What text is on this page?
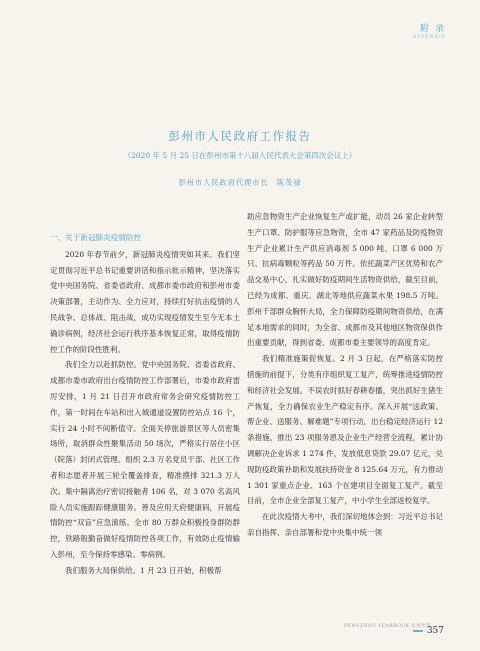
附 录
APPENDIX
彭州市人民政府工作报告
（2020 年 5 月 25 日在彭州市第十八届人民代表大会第四次会议上）
彭州市人民政府代理市长　陈茂禄
一、关于新冠肺炎疫情防控

2020 年春节前夕，新冠肺炎疫情突如其来。我们坚定贯彻习近平总书记重要讲话和指示批示精神，坚决落实党中央国务院、省委省政府、成都市委市政府和彭州市委决策部署，主动作为、全力应对，持续打好抗击疫情的人民战争、总体战、阻击战，成功实现疫情发生至今无本土确诊病例，经济社会运行秩序基本恢复正常，取得疫情防控工作的阶段性胜利。

我们全力以赴抓防控。党中央国务院、省委省政府、成都市委市政府出台疫情防控工作部署后，市委市政府雷厉安排，1 月 21 日召开市政府常务会研究疫情防控工作，第一时间在车站和出入城通道设置防控站点 16 个，实行 24 小时不间断值守。全面关停旅游景区等人员密集场所，取消群众性聚集活动 50 场次，严格实行居住小区（院落）封闭式管理。组织 2.3 万名党员干部、社区工作者和志愿者开展三轮全覆盖排查，精准摸排 321.3 万人次。集中隔离治疗密切接触者 106 名，对 3 070 名高风险人员实施跟踪健康服务。善及应用天府健康码，开展疫情防控“双盲”应急演练。全市 80 万群众积极投身群防群控，铁路般勤奋做好疫情防控各项工作，有效防止疫情输入彭州，至今保持零感染、零病例。

我们服务大局保供给。1 月 23 日开始，积极帮

助应急物资生产企业恢复生产或扩能，动员 26 家企业转型生产口罩、防护服等应急物资，全市 47 家药品及防疫物资生产企业累计生产供应消毒剂 5 000 吨、口罩 6 000 万只、抗病毒颗粒等药品 50 万件。依托蔬菜产区优势和农产品交易中心，扎实做好防疫期间生活物资供给，截至目前，已经为成都、重庆、湖北等地供应蔬菜水果 198.5 万吨。彭州千部群众胸怀大局，全力保障防疫期间物资供给，在满足本地需求的同时，为全省、成都市及其他地区物资保供作出重要贡献，得到省委、成都市委主要领导的高度肯定。

我们精准施策促恢复。2 月 3 日起，在严格落实防控措施的前提下，分类有序组织复工复产，统筹推进疫情防控和经济社会发展。不误农时抓好春耕春播，突出抓好生猪生产恢复，全力确保农业生产稳定有序。深入开展“送政策、帮企业、送服务、解难题”专项行动，出台稳定经济运行 12 条措施，推出 23 项服务恩及企业生产经营全流程，累计协调解决企业诉求 1 274 件，发放低息贷款 29.07 亿元，兑现防疫政策补助和发展扶持资金 8 125.64 万元，有力推动 1 301 家重点企业、163 个在建项目全面复工复产。截至目前，全市企业全部复工复产，中小学生全部返校复学。

在此次疫情大考中，我们深切地体会到：习近平总书记亲自指挥、亲自部署和党中央集中统一领

PENGZHOU YEARBOOK 彭州年鉴
357
